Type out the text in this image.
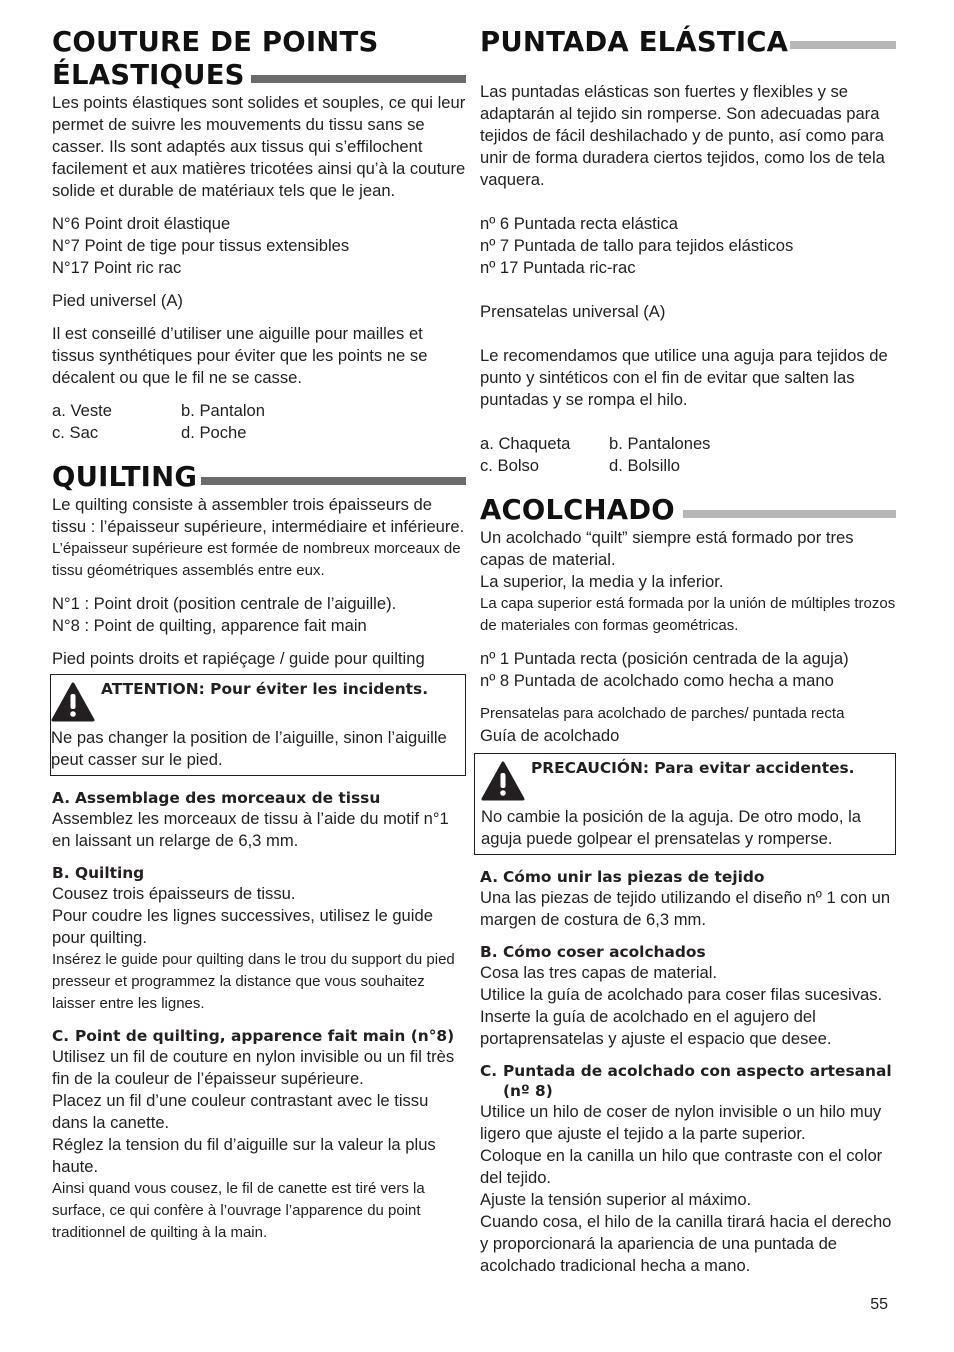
COUTURE DE POINTS
ÉLASTIQUES

Les points élastiques sont solides et souples, ce qui leur permet de suivre les mouvements du tissu sans se casser. Ils sont adaptés aux tissus qui s’effilochent facilement et aux matières tricotées ainsi qu’à la couture solide et durable de matériaux tels que le jean.

N°6 Point droit élastique

N°7 Point de tige pour tissus extensibles

N°17 Point ric rac

Pied universel (A)

Il est conseillé d’utiliser une aiguille pour mailles et tissus synthétiques pour éviter que les points ne se décalent ou que le fil ne se casse.

a. Veste	b. Pantalon
c. Sac	d. Poche
QUILTING

Le quilting consiste à assembler trois épaisseurs de tissu : l’épaisseur supérieure, intermédiaire et inférieure.

L’épaisseur supérieure est formée de nombreux morceaux de tissu géométriques assemblés entre eux.

N°1 : Point droit (position centrale de l’aiguille).

N°8 : Point de quilting, apparence fait main

Pied points droits et rapiéçage / guide pour quilting

ATTENTION: Pour éviter les incidents.
Ne pas changer la position de l’aiguille, sinon l’aiguille peut casser sur le pied.
A. Assemblage des morceaux de tissu

Assemblez les morceaux de tissu à l’aide du motif n°1 en laissant un relarge de 6,3 mm.

B. Quilting

Cousez trois épaisseurs de tissu.

Pour coudre les lignes successives, utilisez le guide pour quilting.

Insérez le guide pour quilting dans le trou du support du pied presseur et programmez la distance que vous souhaitez laisser entre les lignes.

C. Point de quilting, apparence fait main (n°8)

Utilisez un fil de couture en nylon invisible ou un fil très fin de la couleur de l’épaisseur supérieure.

Placez un fil d’une couleur contrastant avec le tissu dans la canette.

Réglez la tension du fil d’aiguille sur la valeur la plus haute.

Ainsi quand vous cousez, le fil de canette est tiré vers la surface, ce qui confère à l’ouvrage l’apparence du point traditionnel de quilting à la main.

PUNTADA ELÁSTICA

Las puntadas elásticas son fuertes y flexibles y se adaptarán al tejido sin romperse. Son adecuadas para tejidos de fácil deshilachado y de punto, así como para unir de forma duradera ciertos tejidos, como los de tela vaquera.

nº 6 Puntada recta elástica

nº 7 Puntada de tallo para tejidos elásticos

nº 17 Puntada ric-rac

Prensatelas universal (A)

Le recomendamos que utilice una aguja para tejidos de punto y sintéticos con el fin de evitar que salten las puntadas y se rompa el hilo.

a. Chaqueta	b. Pantalones
c. Bolso	d. Bolsillo
ACOLCHADO

Un acolchado “quilt” siempre está formado por tres capas de material.

La superior, la media y la inferior.

La capa superior está formada por la unión de múltiples trozos de materiales con formas geométricas.

nº 1 Puntada recta (posición centrada de la aguja)

nº 8 Puntada de acolchado como hecha a mano

Prensatelas para acolchado de parches/ puntada recta

Guía de acolchado

PRECAUCIÓN: Para evitar accidentes.
No cambie la posición de la aguja. De otro modo, la aguja puede golpear el prensatelas y romperse.
A. Cómo unir las piezas de tejido

Una las piezas de tejido utilizando el diseño nº 1 con un margen de costura de 6,3 mm.

B. Cómo coser acolchados

Cosa las tres capas de material.

Utilice la guía de acolchado para coser filas sucesivas.

Inserte la guía de acolchado en el agujero del portaprensatelas y ajuste el espacio que desee.

C. Puntada de acolchado con aspecto artesanal (nº 8)

Utilice un hilo de coser de nylon invisible o un hilo muy ligero que ajuste el tejido a la parte superior.

Coloque en la canilla un hilo que contraste con el color del tejido.

Ajuste la tensión superior al máximo.

Cuando cosa, el hilo de la canilla tirará hacia el derecho y proporcionará la apariencia de una puntada de acolchado tradicional hecha a mano.

55
